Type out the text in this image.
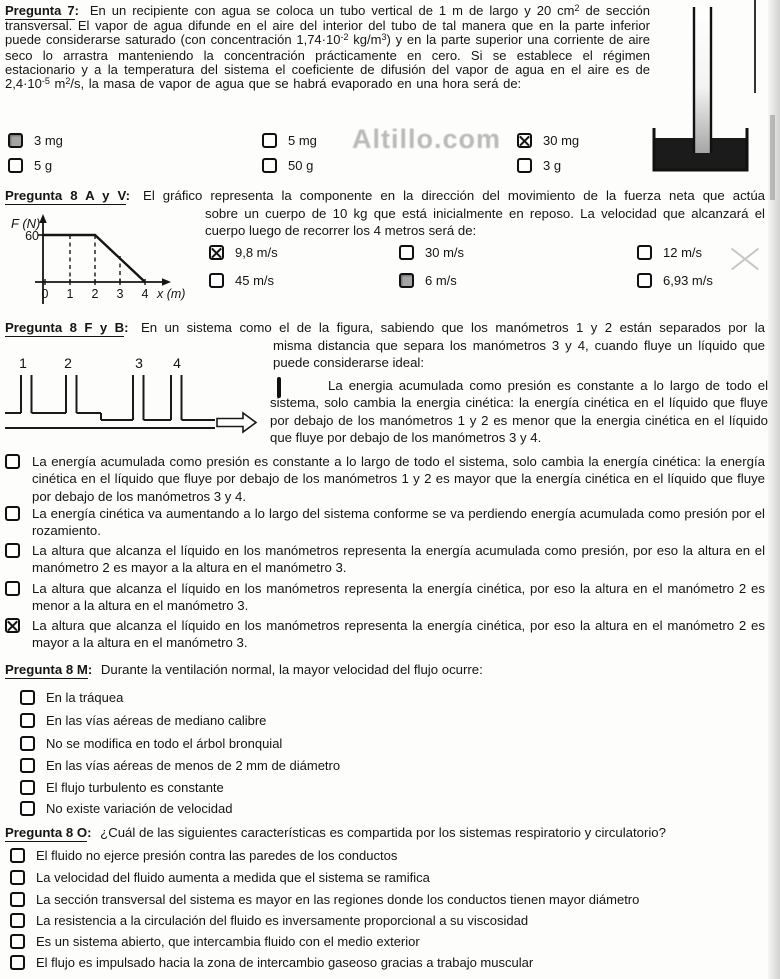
Pregunta 7: En un recipiente con agua se coloca un tubo vertical de 1 m de largo y 20 $cm^2$ de sección transversal. El vapor de agua difunde en el aire del interior del tubo de tal manera que en la parte inferior puede considerarse saturado (con concentración $1,74\cdot 10^{-2}$ $kg/m^3$) y en la parte superior una corriente de aire seco lo arrastra manteniendo la concentración prácticamente en cero. Si se establece el régimen estacionario y a la temperatura del sistema el coeficiente de difusión del vapor de agua en el aire es de $2,4\cdot 10^{-5}$ $m^2/s$, la masa de vapor de agua que se habrá evaporado en una hora será de:

3 mg	5 mg	30 mg
5 g	50 g	3 g
Altillo.com

Pregunta 8 A y V: El gráfico representa la componente en la dirección del movimiento de la fuerza neta que actúa

sobre un cuerpo de 10 kg que está inicialmente en reposo. La velocidad que alcanzará el cuerpo luego de recorrer los 4 metros será de:

F (N)
60
0 1 2 3 4 x (m)
9,8 m/s	30 m/s	12 m/s
45 m/s	6 m/s	6,93 m/s

Pregunta 8 F y B: En un sistema como el de la figura, sabiendo que los manómetros 1 y 2 están separados por la

misma distancia que separa los manómetros 3 y 4, cuando fluye un líquido que puede considerarse ideal:

1	2	3 4

La energia acumulada como presión es constante a lo largo de todo el sistema, solo cambia la energia cinética: la energía cinética en el líquido que fluye por debajo de los manómetros 1 y 2 es menor que la energia cinética en el líquido que fluye por debajo de los manómetros 3 y 4.

La energía acumulada como presión es constante a lo largo de todo el sistema, solo cambia la energía cinética: la energía cinética en el líquido que fluye por debajo de los manómetros 1 y 2 es mayor que la energía cinética en el líquido que fluye por debajo de los manómetros 3 y 4.

La energía cinética va aumentando a lo largo del sistema conforme se va perdiendo energía acumulada como presión por el rozamiento.

La altura que alcanza el líquido en los manómetros representa la energía acumulada como presión, por eso la altura en el manómetro 2 es mayor a la altura en el manómetro 3.

La altura que alcanza el líquido en los manómetros representa la energía cinética, por eso la altura en el manómetro 2 es menor a la altura en el manómetro 3.

La altura que alcanza el líquido en los manómetros representa la energía cinética, por eso la altura en el manómetro 2 es mayor a la altura en el manómetro 3.

Pregunta 8 M: Durante la ventilación normal, la mayor velocidad del flujo ocurre:

En la tráquea
En las vías aéreas de mediano calibre
No se modifica en todo el árbol bronquial
En las vías aéreas de menos de 2 mm de diámetro
El flujo turbulento es constante
No existe variación de velocidad

Pregunta 8 O: ¿Cuál de las siguientes características es compartida por los sistemas respiratorio y circulatorio?

El fluido no ejerce presión contra las paredes de los conductos
La velocidad del fluido aumenta a medida que el sistema se ramifica
La sección transversal del sistema es mayor en las regiones donde los conductos tienen mayor diámetro
La resistencia a la circulación del fluido es inversamente proporcional a su viscosidad
Es un sistema abierto, que intercambia fluido con el medio exterior
El flujo es impulsado hacia la zona de intercambio gaseoso gracias a trabajo muscular
